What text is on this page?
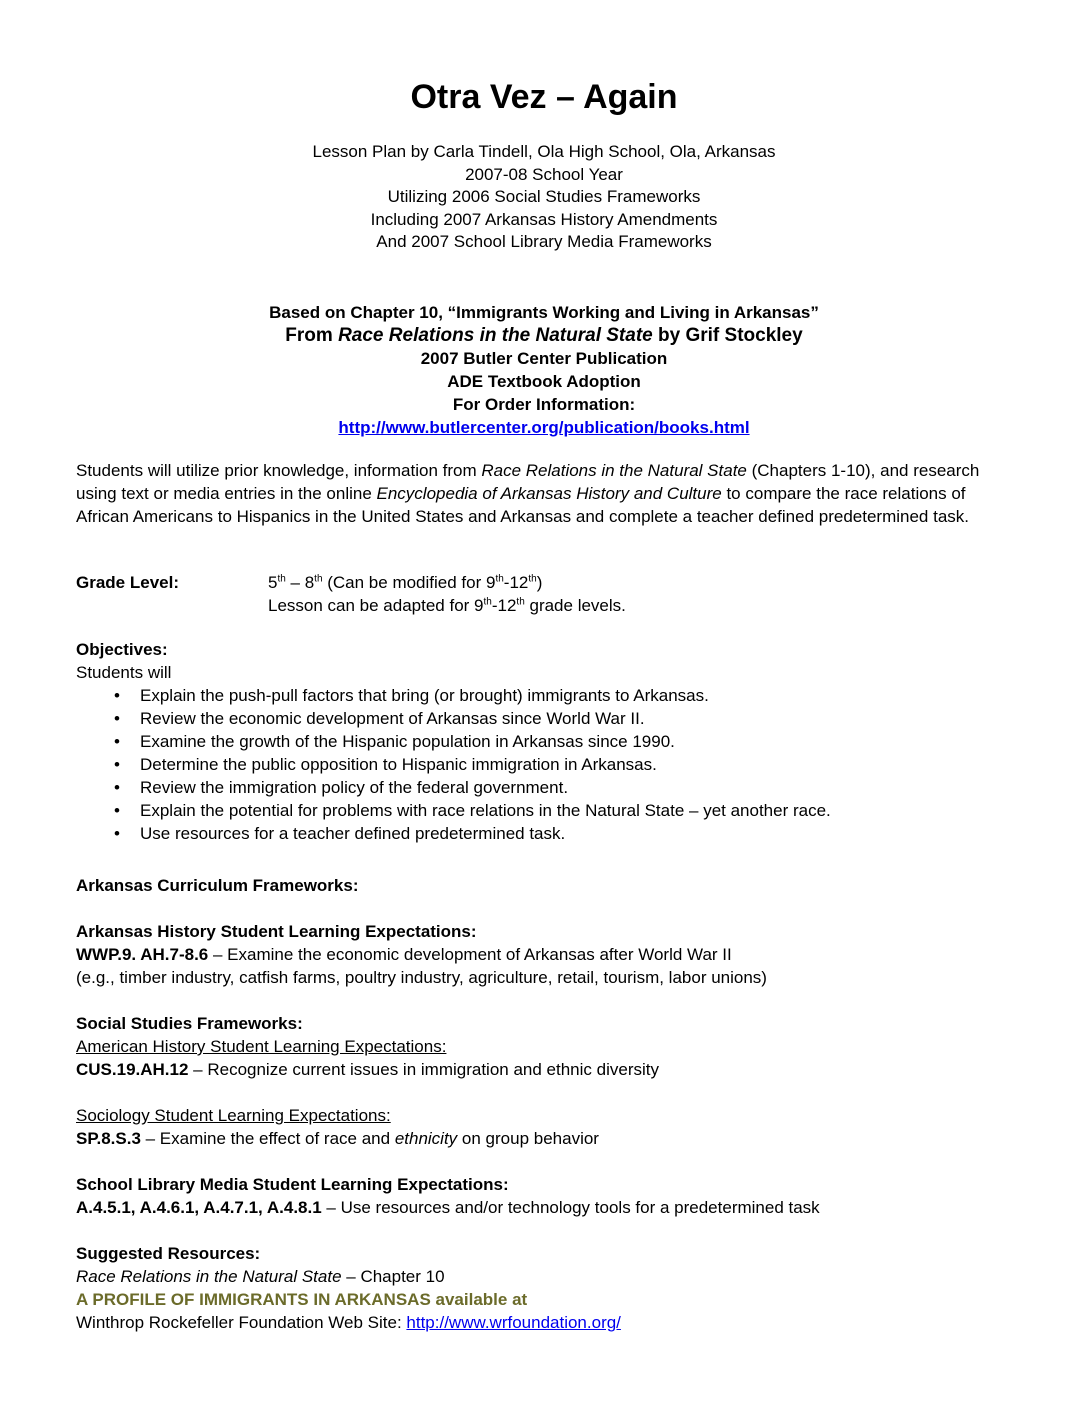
Otra Vez – Again
Lesson Plan by Carla Tindell, Ola High School, Ola, Arkansas
2007-08 School Year
Utilizing 2006 Social Studies Frameworks
Including 2007 Arkansas History Amendments
And 2007 School Library Media Frameworks
Based on Chapter 10, “Immigrants Working and Living in Arkansas”
From Race Relations in the Natural State by Grif Stockley
2007 Butler Center Publication
ADE Textbook Adoption
For Order Information:
http://www.butlercenter.org/publication/books.html
Students will utilize prior knowledge, information from Race Relations in the Natural State (Chapters 1-10), and research using text or media entries in the online Encyclopedia of Arkansas History and Culture to compare the race relations of African Americans to Hispanics in the United States and Arkansas and complete a teacher defined predetermined task.
Grade Level:	5th – 8th (Can be modified for 9th-12th)
Lesson can be adapted for 9th-12th grade levels.
Objectives:
Students will
• Explain the push-pull factors that bring (or brought) immigrants to Arkansas.
• Review the economic development of Arkansas since World War II.
• Examine the growth of the Hispanic population in Arkansas since 1990.
• Determine the public opposition to Hispanic immigration in Arkansas.
• Review the immigration policy of the federal government.
• Explain the potential for problems with race relations in the Natural State – yet another race.
• Use resources for a teacher defined predetermined task.
Arkansas Curriculum Frameworks:
Arkansas History Student Learning Expectations:
WWP.9. AH.7-8.6 – Examine the economic development of Arkansas after World War II
(e.g., timber industry, catfish farms, poultry industry, agriculture, retail, tourism, labor unions)
Social Studies Frameworks:
American History Student Learning Expectations:
CUS.19.AH.12 – Recognize current issues in immigration and ethnic diversity
Sociology Student Learning Expectations:
SP.8.S.3 – Examine the effect of race and ethnicity on group behavior
School Library Media Student Learning Expectations:
A.4.5.1, A.4.6.1, A.4.7.1, A.4.8.1 – Use resources and/or technology tools for a predetermined task
Suggested Resources:
Race Relations in the Natural State – Chapter 10
A PROFILE OF IMMIGRANTS IN ARKANSAS available at
Winthrop Rockefeller Foundation Web Site: http://www.wrfoundation.org/
